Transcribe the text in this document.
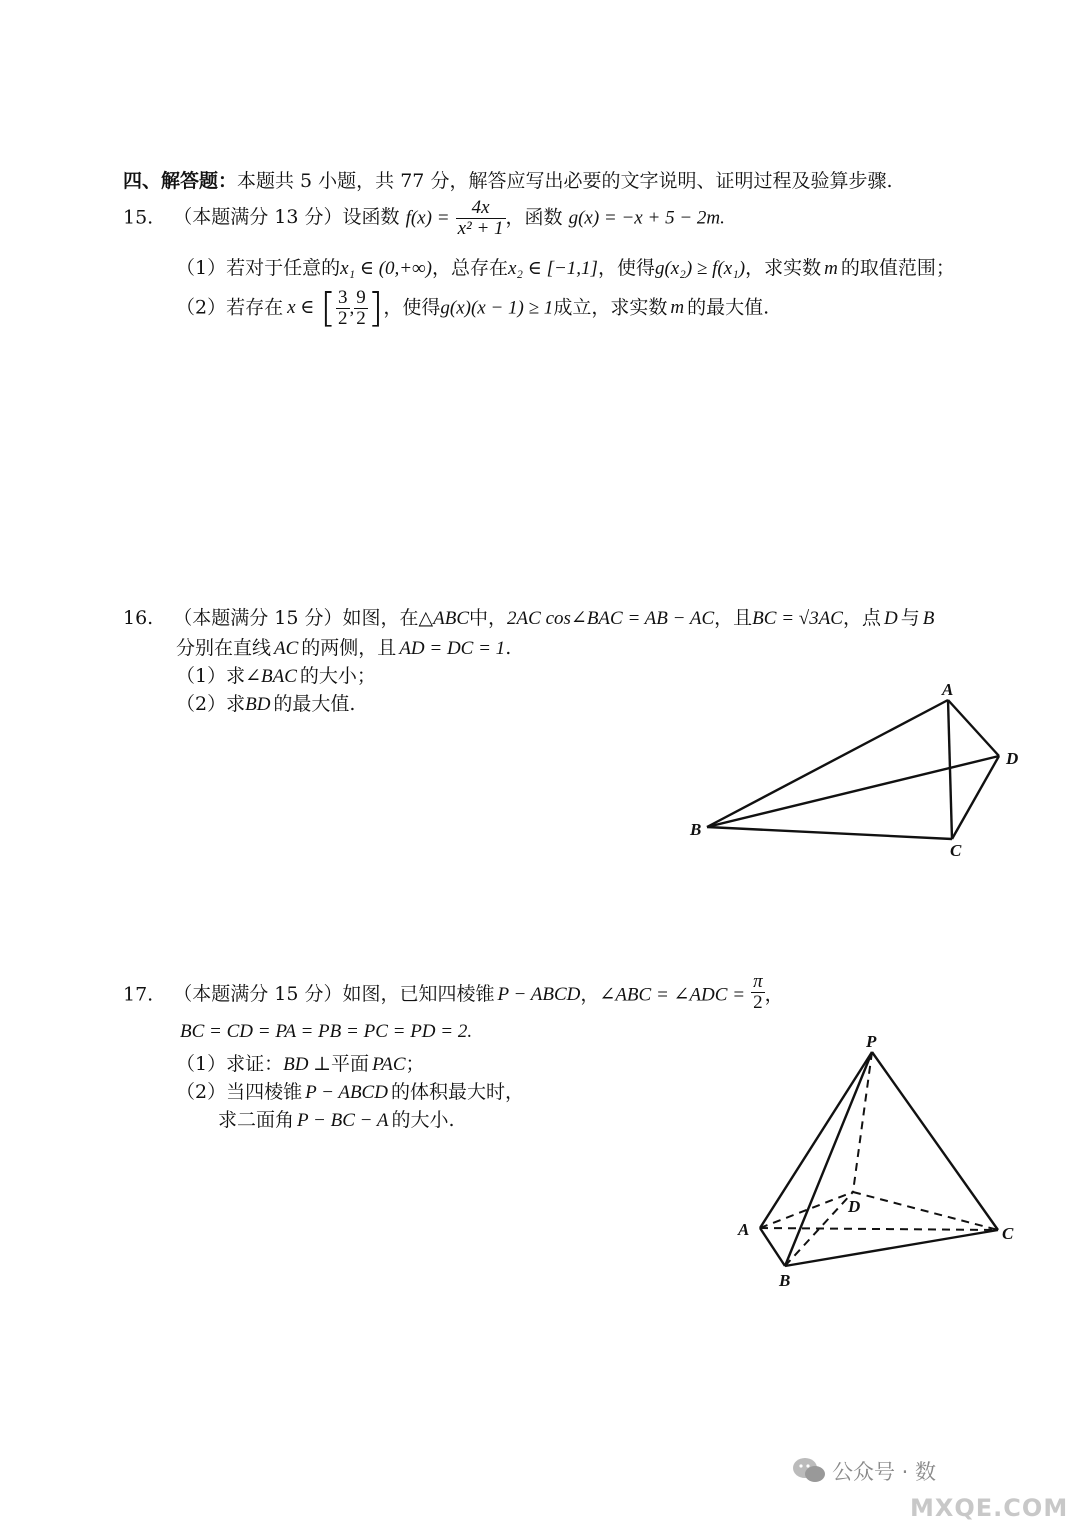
四、解答题：本题共 5 小题，共 77 分，解答应写出必要的文字说明、证明过程及验算步骤.
15. （本题满分 13 分）设函数 $f(x) = \frac{4x}{\text{x² + 1}}$ ，函数 g(x) = −x + 5 − 2m.
（1）若对于任意的x₁ ∈ (0,+∞)，总存在x₂ ∈ [−1,1]，使得g(x₂) ≥ f(x₁)，求实数 m 的取值范围；
（2）若存在 x ∈ [ $\frac{3}{2}$ , $\frac{9}{2}$ ]，使得g(x)(x − 1) ≥ 1成立，求实数 m 的最大值.
16. （本题满分 15 分）如图，在△ABC中，2AC cos∠BAC = AB − AC，且BC = √3AC，点 D 与 B
分别在直线 AC 的两侧，且 AD = DC = 1.
（1）求∠BAC 的大小；
（2）求BD 的最大值.
A
B
C
D
17. （本题满分 15 分）如图，已知四棱锥 P − ABCD，∠ABC = ∠ADC = $\frac{\pi}{2}$ ，
BC = CD = PA = PB = PC = PD = 2.
（1）求证：BD ⊥平面 PAC；
（2）当四棱锥 P − ABCD 的体积最大时，
求二面角 P − BC − A 的大小.
P
A
B
C
D
公众号 · 数
MXQE.COM
